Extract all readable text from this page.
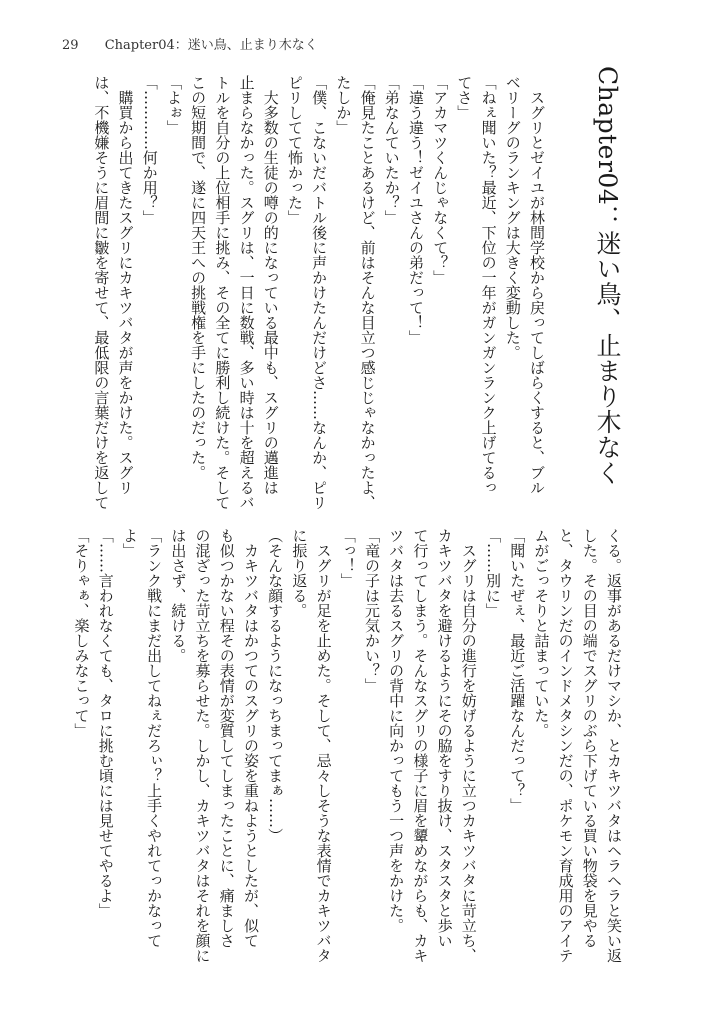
29 Chapter04：迷い鳥、止まり木なく
Chapter04：迷い鳥、止まり木なく
　スグリとゼイユが林間学校から戻ってしばらくすると、ブル
ベリーグのランキングは大きく変動した。
「ねぇ聞いた？最近、下位の一年がガンガンランク上げてるっ
てさ」
「アカマツくんじゃなくて？」
「違う違う！ゼイユさんの弟だって！」
「弟なんていたか？」
「俺見たことあるけど、前はそんな目立つ感じじゃなかったよ、
たしか」
「僕、こないだバトル後に声かけたんだけどさ……なんか、ピリ
ピリしてて怖かった」
　大多数の生徒の噂の的になっている最中も、スグリの邁進は
止まらなかった。スグリは、一日に数戦、多い時は十を超えるバ
トルを自分の上位相手に挑み、その全てに勝利し続けた。そして
この短期間で、遂に四天王への挑戦権を手にしたのだった。
「よぉ」
「…………何か用？」
　購買から出てきたスグリにカキツバタが声をかけた。スグリ
は、不機嫌そうに眉間に皺を寄せて、最低限の言葉だけを返して
くる。返事があるだけマシか、とカキツバタはヘラヘラと笑い返
した。その目の端でスグリのぶら下げている買い物袋を見やる
と、タウリンだのインドメタシンだの、ポケモン育成用のアイテ
ムがごっそりと詰まっていた。
「聞いたぜぇ、最近ご活躍なんだって？」
「……別に」
　スグリは自分の進行を妨げるように立つカキツバタに苛立ち、
カキツバタを避けるようにその脇をすり抜け、スタスタと歩い
て行ってしまう。そんなスグリの様子に眉を顰めながらも、カキ
ツバタは去るスグリの背中に向かってもう一つ声をかけた。
「竜の子は元気かい？」
「っ！」
　スグリが足を止めた。そして、忌々しそうな表情でカキツバタ
に振り返る。
（そんな顔するようになっちまってまぁ……）
　カキツバタはかつてのスグリの姿を重ねようとしたが、似て
も似つかない程その表情が変質してしまったことに、痛ましさ
の混ざった苛立ちを募らせた。しかし、カキツバタはそれを顔に
は出さず、続ける。
「ランク戦にまだ出してねぇだろぃ？上手くやれてっかなって
よ」
「……言われなくても、タロに挑む頃には見せてやるよ」
「そりゃぁ、楽しみなこって」
